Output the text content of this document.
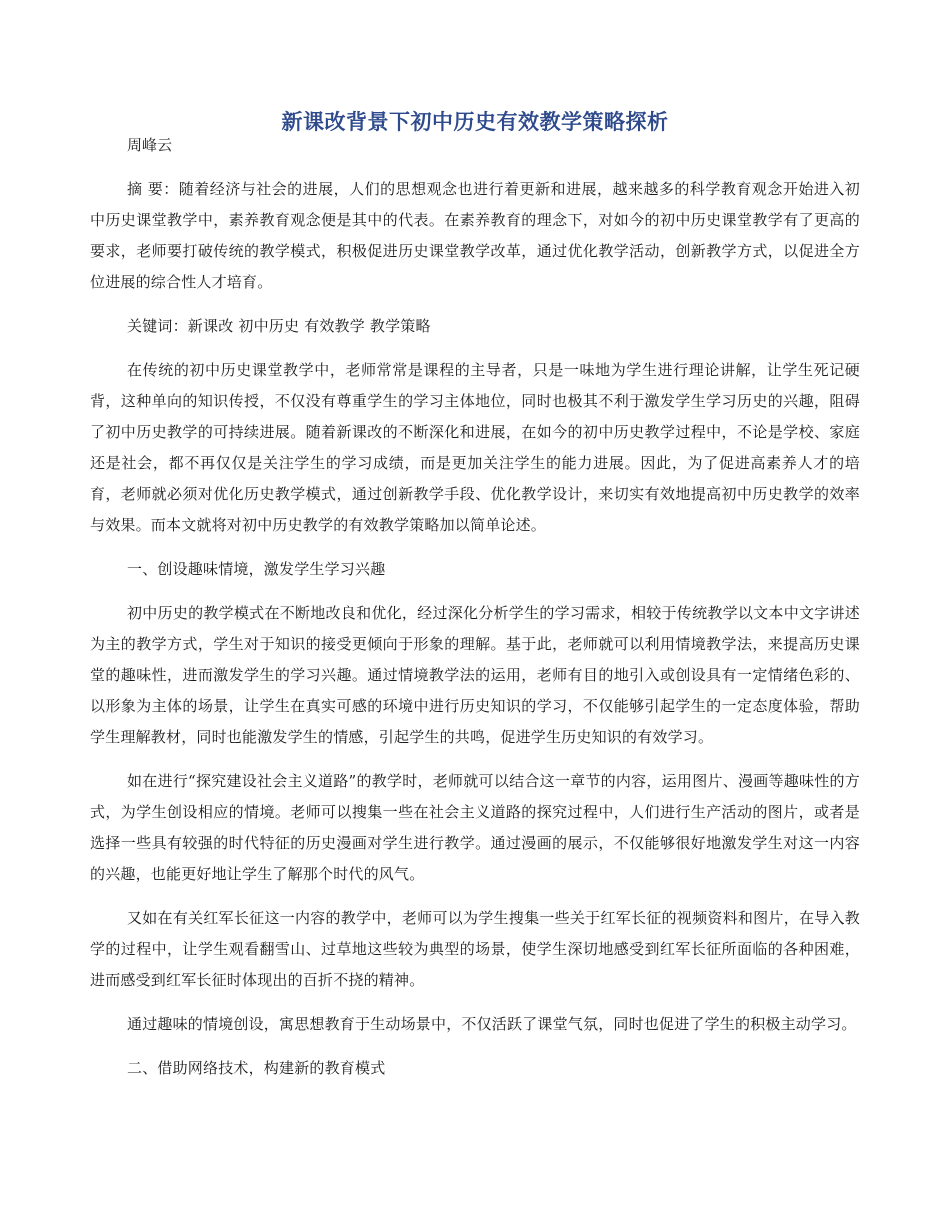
新课改背景下初中历史有效教学策略探析

周峰云

摘 要：随着经济与社会的进展，人们的思想观念也进行着更新和进展，越来越多的科学教育观念开始进入初中历史课堂教学中，素养教育观念便是其中的代表。在素养教育的理念下，对如今的初中历史课堂教学有了更高的要求，老师要打破传统的教学模式，积极促进历史课堂教学改革，通过优化教学活动，创新教学方式，以促进全方位进展的综合性人才培育。

关键词：新课改 初中历史 有效教学 教学策略

在传统的初中历史课堂教学中，老师常常是课程的主导者，只是一味地为学生进行理论讲解，让学生死记硬背，这种单向的知识传授，不仅没有尊重学生的学习主体地位，同时也极其不利于激发学生学习历史的兴趣，阻碍了初中历史教学的可持续进展。随着新课改的不断深化和进展，在如今的初中历史教学过程中，不论是学校、家庭还是社会，都不再仅仅是关注学生的学习成绩，而是更加关注学生的能力进展。因此，为了促进高素养人才的培育，老师就必须对优化历史教学模式，通过创新教学手段、优化教学设计，来切实有效地提高初中历史教学的效率与效果。而本文就将对初中历史教学的有效教学策略加以简单论述。

一、创设趣味情境，激发学生学习兴趣

初中历史的教学模式在不断地改良和优化，经过深化分析学生的学习需求，相较于传统教学以文本中文字讲述为主的教学方式，学生对于知识的接受更倾向于形象的理解。基于此，老师就可以利用情境教学法，来提高历史课堂的趣味性，进而激发学生的学习兴趣。通过情境教学法的运用，老师有目的地引入或创设具有一定情绪色彩的、以形象为主体的场景，让学生在真实可感的环境中进行历史知识的学习，不仅能够引起学生的一定态度体验，帮助学生理解教材，同时也能激发学生的情感，引起学生的共鸣，促进学生历史知识的有效学习。

如在进行“探究建设社会主义道路”的教学时，老师就可以结合这一章节的内容，运用图片、漫画等趣味性的方式，为学生创设相应的情境。老师可以搜集一些在社会主义道路的探究过程中，人们进行生产活动的图片，或者是选择一些具有较强的时代特征的历史漫画对学生进行教学。通过漫画的展示，不仅能够很好地激发学生对这一内容的兴趣，也能更好地让学生了解那个时代的风气。

又如在有关红军长征这一内容的教学中，老师可以为学生搜集一些关于红军长征的视频资料和图片，在导入教学的过程中，让学生观看翻雪山、过草地这些较为典型的场景，使学生深切地感受到红军长征所面临的各种困难，进而感受到红军长征时体现出的百折不挠的精神。

通过趣味的情境创设，寓思想教育于生动场景中，不仅活跃了课堂气氛，同时也促进了学生的积极主动学习。

二、借助网络技术，构建新的教育模式
